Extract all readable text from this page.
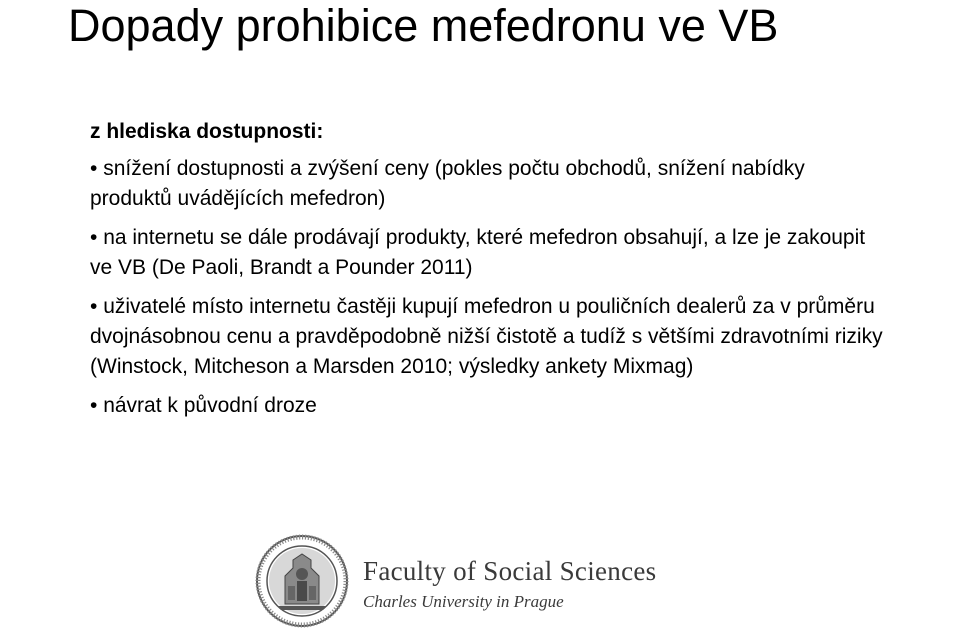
Dopady prohibice mefedronu ve VB
z hlediska dostupnosti:
• snížení dostupnosti a zvýšení ceny (pokles počtu obchodů, snížení nabídky produktů uvádějících mefedron)
• na internetu se dále prodávají produkty, které mefedron obsahují, a lze je zakoupit ve VB (De Paoli, Brandt a Pounder 2011)
• uživatelé místo internetu častěji kupují mefedron u pouličních dealerů za v průměru dvojnásobnou cenu a pravděpodobně nižší čistotě a tudíž s většími zdravotními riziky (Winstock, Mitcheson a Marsden 2010; výsledky ankety Mixmag)
• návrat k původní droze
Faculty of Social Sciences
Charles University in Prague
